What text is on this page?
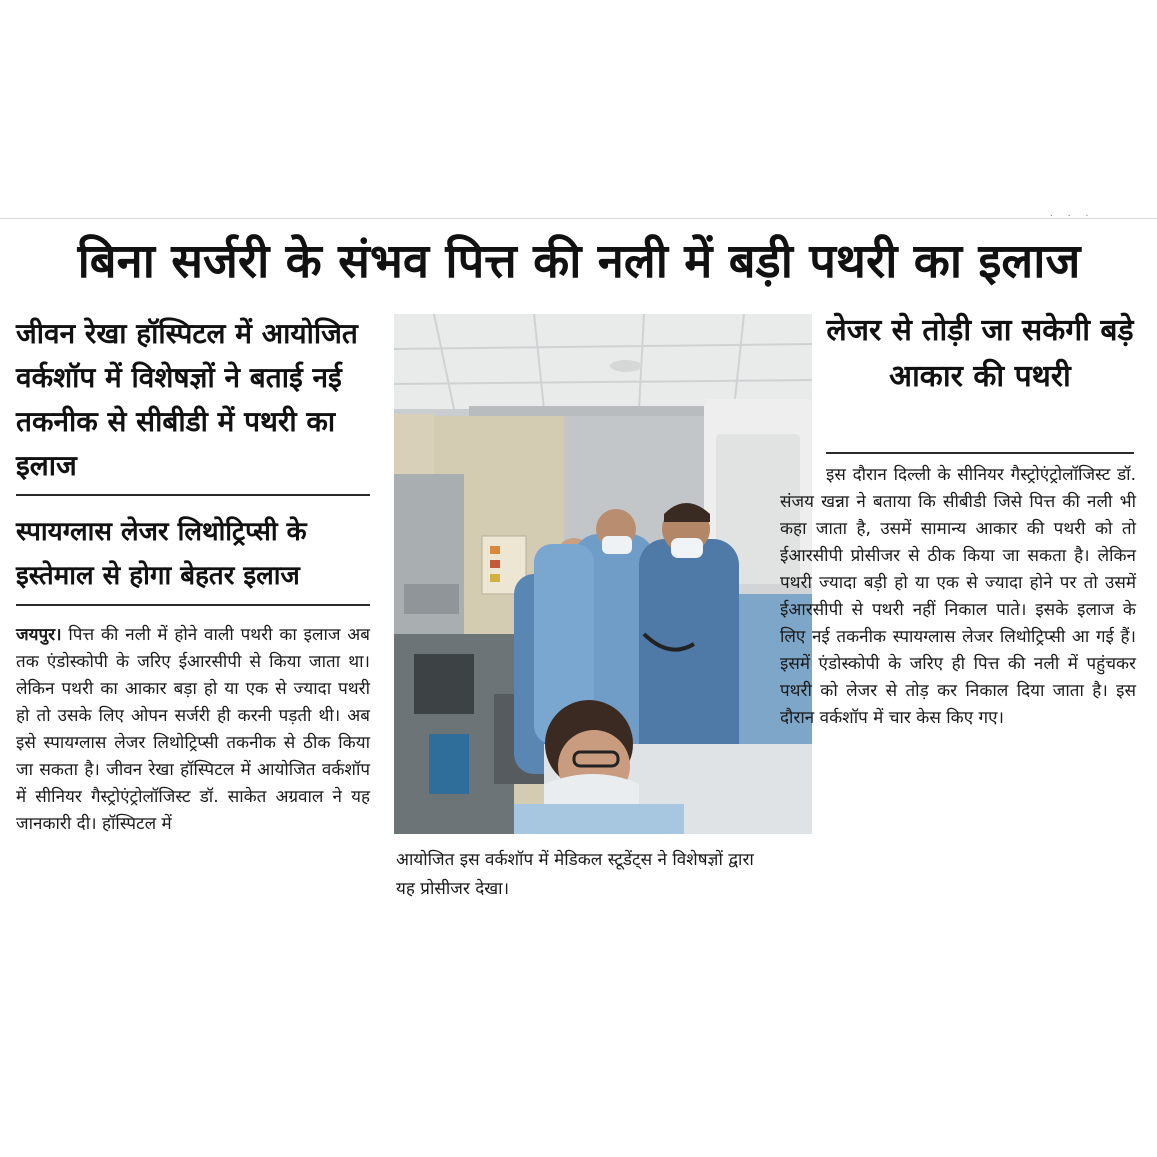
. . .
बिना सर्जरी के संभव पित्त की नली में बड़ी पथरी का इलाज
जीवन रेखा हॉस्पिटल में आयोजित वर्कशॉप में विशेषज्ञों ने बताई नई तकनीक से सीबीडी में पथरी का इलाज
स्पायग्लास लेजर लिथोट्रिप्सी के इस्तेमाल से होगा बेहतर इलाज

जयपुर। पित्त की नली में होने वाली पथरी का इलाज अब तक एंडोस्कोपी के जरिए ईआरसीपी से किया जाता था। लेकिन पथरी का आकार बड़ा हो या एक से ज्यादा पथरी हो तो उसके लिए ओपन सर्जरी ही करनी पड़ती थी। अब इसे स्पायग्लास लेजर लिथोट्रिप्सी तकनीक से ठीक किया जा सकता है। जीवन रेखा हॉस्पिटल में आयोजित वर्कशॉप में सीनियर गैस्ट्रोएंट्रोलॉजिस्ट डॉ. साकेत अग्रवाल ने यह जानकारी दी। हॉस्पिटल में

आयोजित इस वर्कशॉप में मेडिकल स्टूडेंट्स ने विशेषज्ञों द्वारा यह प्रोसीजर देखा।

लेजर से तोड़ी जा सकेगी बड़े आकार की पथरी

इस दौरान दिल्ली के सीनियर गैस्ट्रोएंट्रोलॉजिस्ट डॉ. संजय खन्ना ने बताया कि सीबीडी जिसे पित्त की नली भी कहा जाता है, उसमें सामान्य आकार की पथरी को तो ईआरसीपी प्रोसीजर से ठीक किया जा सकता है। लेकिन पथरी ज्यादा बड़ी हो या एक से ज्यादा होने पर तो उसमें ईआरसीपी से पथरी नहीं निकाल पाते। इसके इलाज के लिए नई तकनीक स्पायग्लास लेजर लिथोट्रिप्सी आ गई हैं। इसमें एंडोस्कोपी के जरिए ही पित्त की नली में पहुंचकर पथरी को लेजर से तोड़ कर निकाल दिया जाता है। इस दौरान वर्कशॉप में चार केस किए गए।
